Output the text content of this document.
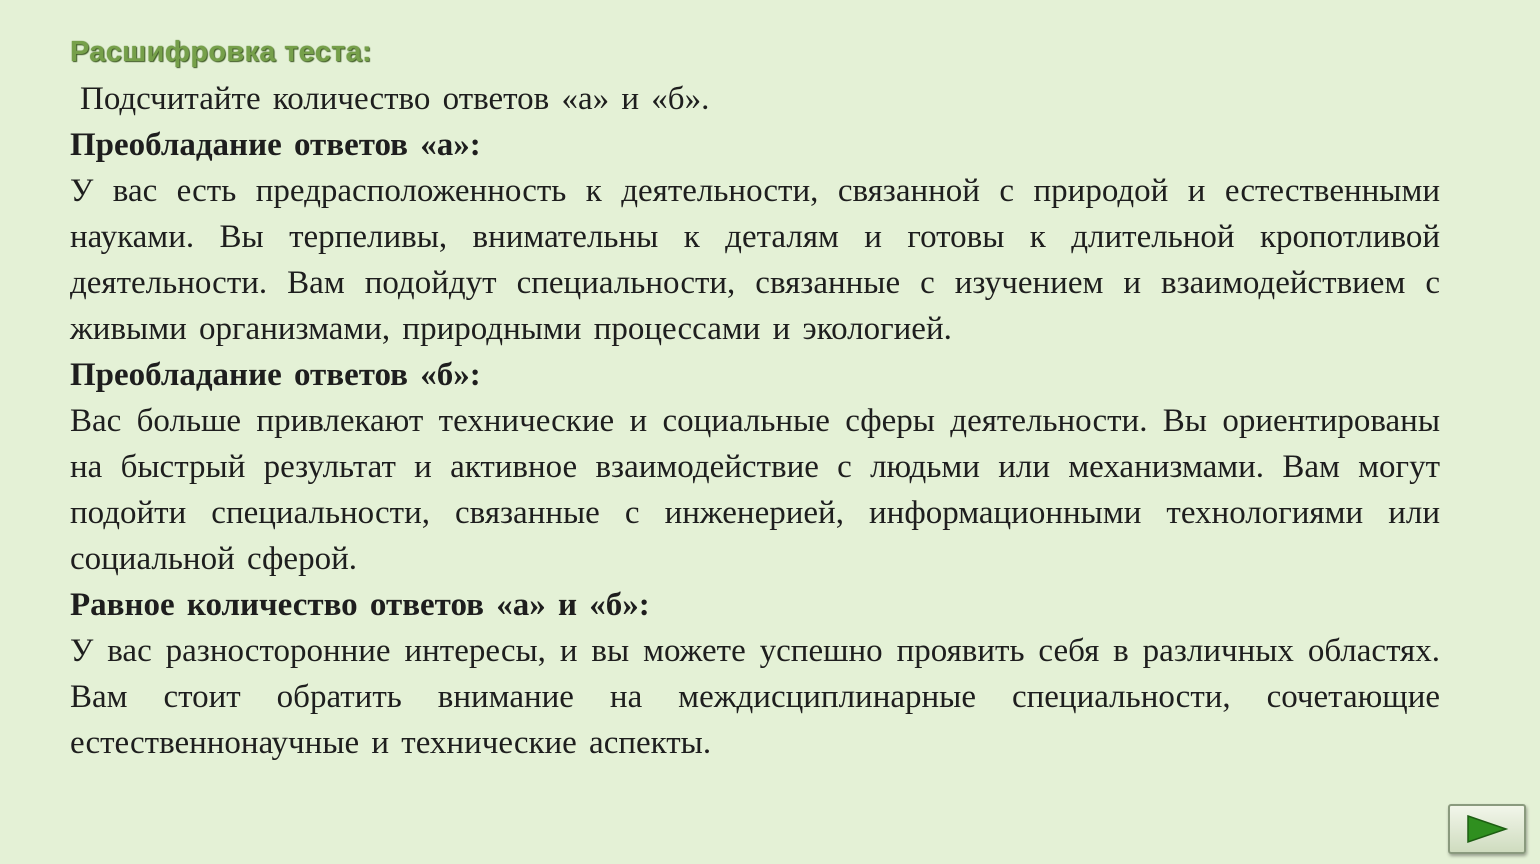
Расшифровка теста:

Подсчитайте количество ответов «а» и «б».

Преобладание ответов «а»:

У вас есть предрасположенность к деятельности, связанной с природой и естественными науками. Вы терпеливы, внимательны к деталям и готовы к длительной кропотливой деятельности. Вам подойдут специальности, связанные с изучением и взаимодействием с живыми организмами, природными процессами и экологией.

Преобладание ответов «б»:

Вас больше привлекают технические и социальные сферы деятельности. Вы ориентированы на быстрый результат и активное взаимодействие с людьми или механизмами. Вам могут подойти специальности, связанные с инженерией, информационными технологиями или социальной сферой.

Равное количество ответов «а» и «б»:

У вас разносторонние интересы, и вы можете успешно проявить себя в различных областях. Вам стоит обратить внимание на междисциплинарные специальности, сочетающие естественнонаучные и технические аспекты.
